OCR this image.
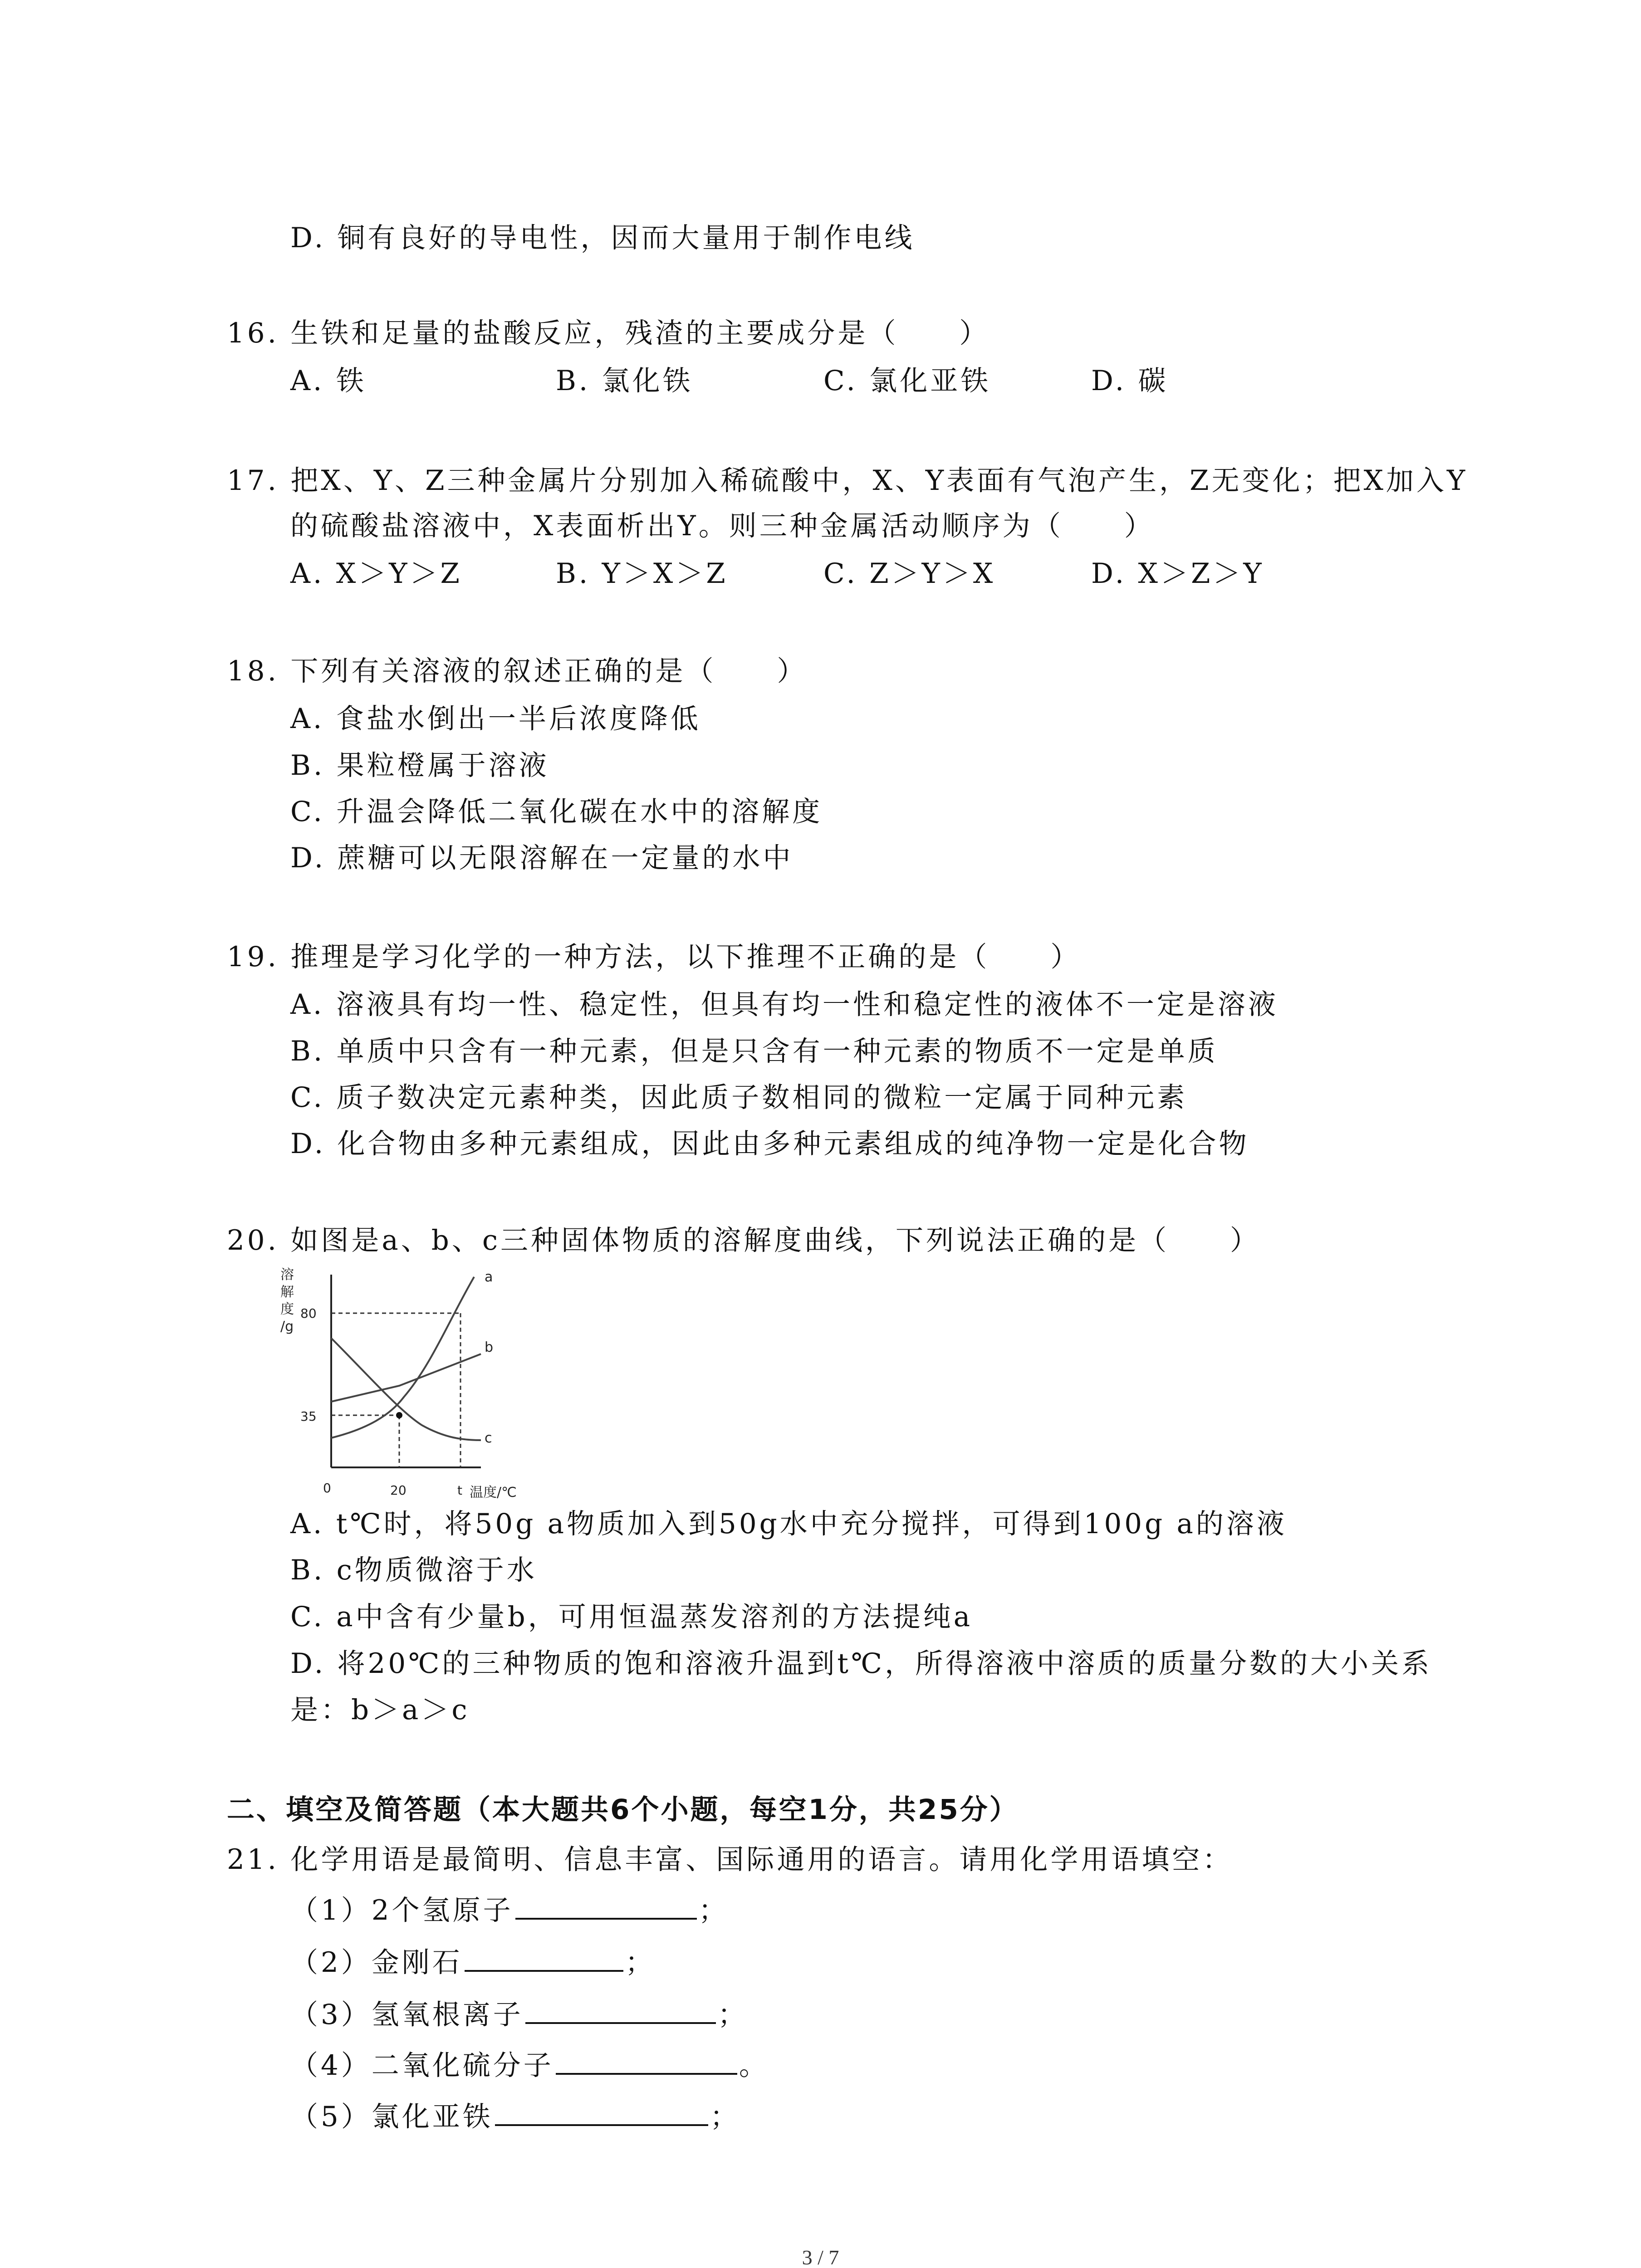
D. 铜有良好的导电性，因而大量用于制作电线
16. 生铁和足量的盐酸反应，残渣的主要成分是（　　）
A. 铁	B. 氯化铁	C. 氯化亚铁	D. 碳
17. 把X、Y、Z三种金属片分别加入稀硫酸中，X、Y表面有气泡产生，Z无变化；把X加入Y
的硫酸盐溶液中，X表面析出Y。则三种金属活动顺序为（　　）
A. X＞Y＞Z	B. Y＞X＞Z	C. Z＞Y＞X	D. X＞Z＞Y
18. 下列有关溶液的叙述正确的是（　　）
A. 食盐水倒出一半后浓度降低
B. 果粒橙属于溶液
C. 升温会降低二氧化碳在水中的溶解度
D. 蔗糖可以无限溶解在一定量的水中
19. 推理是学习化学的一种方法，以下推理不正确的是（　　）
A. 溶液具有均一性、稳定性，但具有均一性和稳定性的液体不一定是溶液
B. 单质中只含有一种元素，但是只含有一种元素的物质不一定是单质
C. 质子数决定元素种类，因此质子数相同的微粒一定属于同种元素
D. 化合物由多种元素组成，因此由多种元素组成的纯净物一定是化合物
20. 如图是a、b、c三种固体物质的溶解度曲线，下列说法正确的是（　　）
溶
解
度
/g
80
35
0	20	t 温度/℃
a
b
c
A. t℃时，将50g a物质加入到50g水中充分搅拌，可得到100g a的溶液
B. c物质微溶于水
C. a中含有少量b，可用恒温蒸发溶剂的方法提纯a
D. 将20℃的三种物质的饱和溶液升温到t℃，所得溶液中溶质的质量分数的大小关系
是：b＞a＞c
二、填空及简答题（本大题共6个小题，每空1分，共25分）
21. 化学用语是最简明、信息丰富、国际通用的语言。请用化学用语填空：
（1）2个氢原子	；
（2）金刚石	；
（3）氢氧根离子	；
（4）二氧化硫分子	。
（5）氯化亚铁	；
3 / 7
